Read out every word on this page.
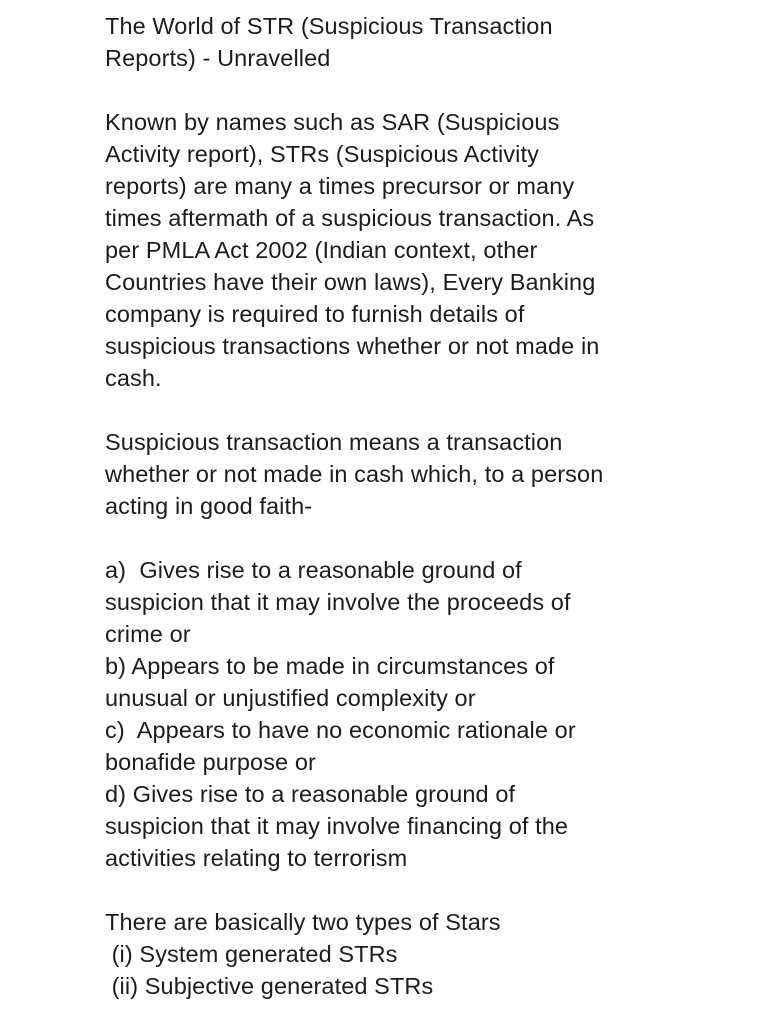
The World of STR (Suspicious Transaction
Reports) - Unravelled
Known by names such as SAR (Suspicious
Activity report), STRs (Suspicious Activity
reports) are many a times precursor or many
times aftermath of a suspicious transaction. As
per PMLA Act 2002 (Indian context, other
Countries have their own laws), Every Banking
company is required to furnish details of
suspicious transactions whether or not made in
cash.
Suspicious transaction means a transaction
whether or not made in cash which, to a person
acting in good faith-
a)  Gives rise to a reasonable ground of
suspicion that it may involve the proceeds of
crime or
b) Appears to be made in circumstances of
unusual or unjustified complexity or
c)  Appears to have no economic rationale or
bonafide purpose or
d) Gives rise to a reasonable ground of
suspicion that it may involve financing of the
activities relating to terrorism
There are basically two types of Stars
(i) System generated STRs
(ii) Subjective generated STRs
